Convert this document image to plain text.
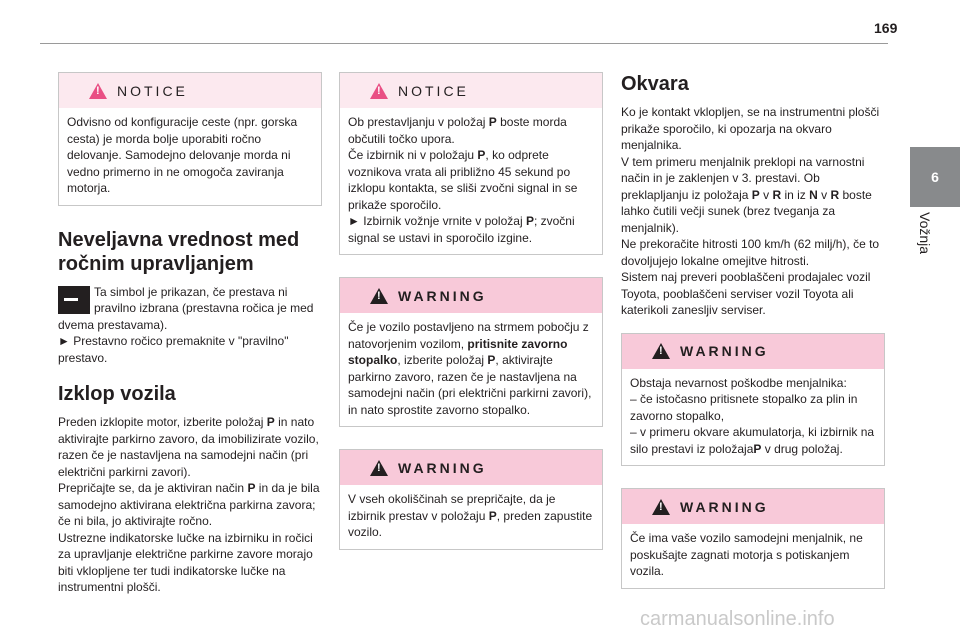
169
6
Vožnja
!
NOTICE
Odvisno od konfiguracije ceste (npr. gorska cesta) je morda bolje uporabiti ročno delovanje. Samodejno delovanje morda ni vedno primerno in ne omogoča zaviranja motorja.
Neveljavna vrednost med ročnim upravljanjem
Ta simbol je prikazan, če prestava ni pravilno izbrana (prestavna ročica je med dvema prestavama).
► Prestavno ročico premaknite v "pravilno" prestavo.
Izklop vozila
Preden izklopite motor, izberite položaj P in nato aktivirajte parkirno zavoro, da imobilizirate vozilo, razen če je nastavljena na samodejni način (pri električni parkirni zavori).
Prepričajte se, da je aktiviran način P in da je bila samodejno aktivirana električna parkirna zavora; če ni bila, jo aktivirajte ročno.
Ustrezne indikatorske lučke na izbirniku in ročici za upravljanje električne parkirne zavore morajo biti vklopljene ter tudi indikatorske lučke na instrumentni plošči.
!
NOTICE
Ob prestavljanju v položaj P boste morda občutili točko upora.
Če izbirnik ni v položaju P, ko odprete voznikova vrata ali približno 45 sekund po izklopu kontakta, se sliši zvočni signal in se prikaže sporočilo.
► Izbirnik vožnje vrnite v položaj P; zvočni signal se ustavi in sporočilo izgine.
!
WARNING
Če je vozilo postavljeno na strmem pobočju z natovorjenim vozilom, pritisnite zavorno stopalko, izberite položaj P, aktivirajte parkirno zavoro, razen če je nastavljena na samodejni način (pri električni parkirni zavori), in nato sprostite zavorno stopalko.
!
WARNING
V vseh okoliščinah se prepričajte, da je izbirnik prestav v položaju P, preden zapustite vozilo.
Okvara
Ko je kontakt vklopljen, se na instrumentni plošči prikaže sporočilo, ki opozarja na okvaro menjalnika.
V tem primeru menjalnik preklopi na varnostni način in je zaklenjen v 3. prestavi. Ob preklapljanju iz položaja P v R in iz N v R boste lahko čutili večji sunek (brez tveganja za menjalnik).
Ne prekoračite hitrosti 100 km/h (62 milj/h), če to dovoljujejo lokalne omejitve hitrosti.
Sistem naj preveri pooblaščeni prodajalec vozil Toyota, pooblaščeni serviser vozil Toyota ali katerikoli zanesljiv serviser.
!
WARNING
Obstaja nevarnost poškodbe menjalnika:
– če istočasno pritisnete stopalko za plin in zavorno stopalko,
– v primeru okvare akumulatorja, ki izbirnik na silo prestavi iz položajaP v drug položaj.
!
WARNING
Če ima vaše vozilo samodejni menjalnik, ne poskušajte zagnati motorja s potiskanjem vozila.
carmanualsonline.info
